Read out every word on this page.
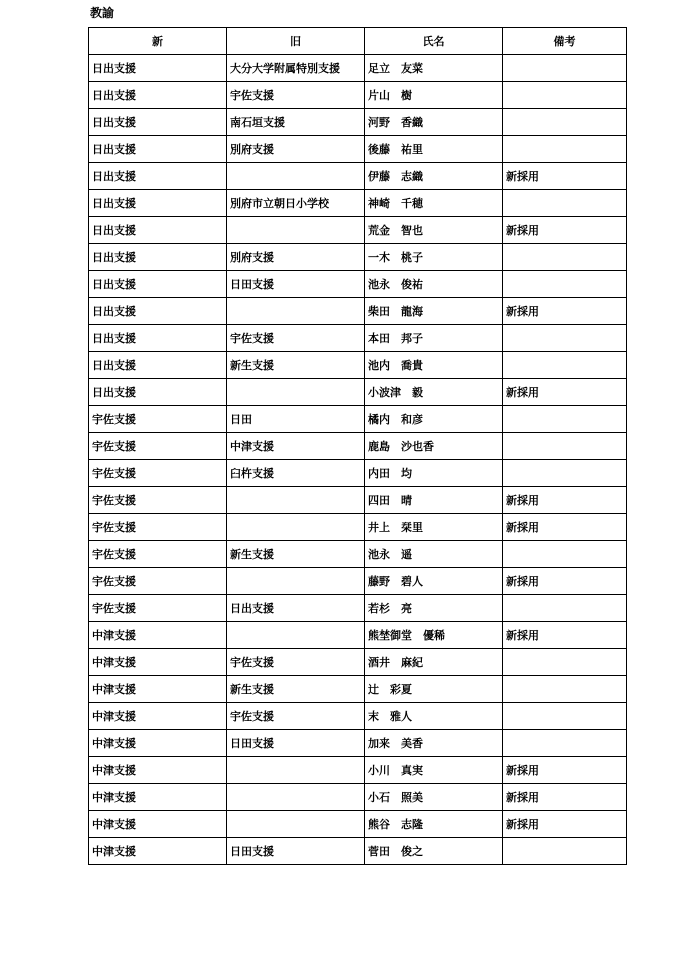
教諭
新	旧	氏名	備考
日出支援	大分大学附属特別支援	足立　友菜	
日出支援	宇佐支援	片山　樹	
日出支援	南石垣支援	河野　香織	
日出支援	別府支援	後藤　祐里	
日出支援		伊藤　志織	新採用
日出支援	別府市立朝日小学校	神崎　千穂	
日出支援		荒金　智也	新採用
日出支援	別府支援	一木　桃子	
日出支援	日田支援	池永　俊祐	
日出支援		柴田　龍海	新採用
日出支援	宇佐支援	本田　邦子	
日出支援	新生支援	池内　喬貴	
日出支援		小波津　毅	新採用
宇佐支援	日田	橘内　和彦	
宇佐支援	中津支援	鹿島　沙也香	
宇佐支援	臼杵支援	内田　均	
宇佐支援		四田　晴	新採用
宇佐支援		井上　栞里	新採用
宇佐支援	新生支援	池永　遥	
宇佐支援		藤野　碧人	新採用
宇佐支援	日出支援	若杉　亮	
中津支援		熊埜御堂　優稀	新採用
中津支援	宇佐支援	酒井　麻紀	
中津支援	新生支援	辻　彩夏	
中津支援	宇佐支援	末　雅人	
中津支援	日田支援	加来　美香	
中津支援		小川　真実	新採用
中津支援		小石　照美	新採用
中津支援		熊谷　志隆	新採用
中津支援	日田支援	菅田　俊之	
